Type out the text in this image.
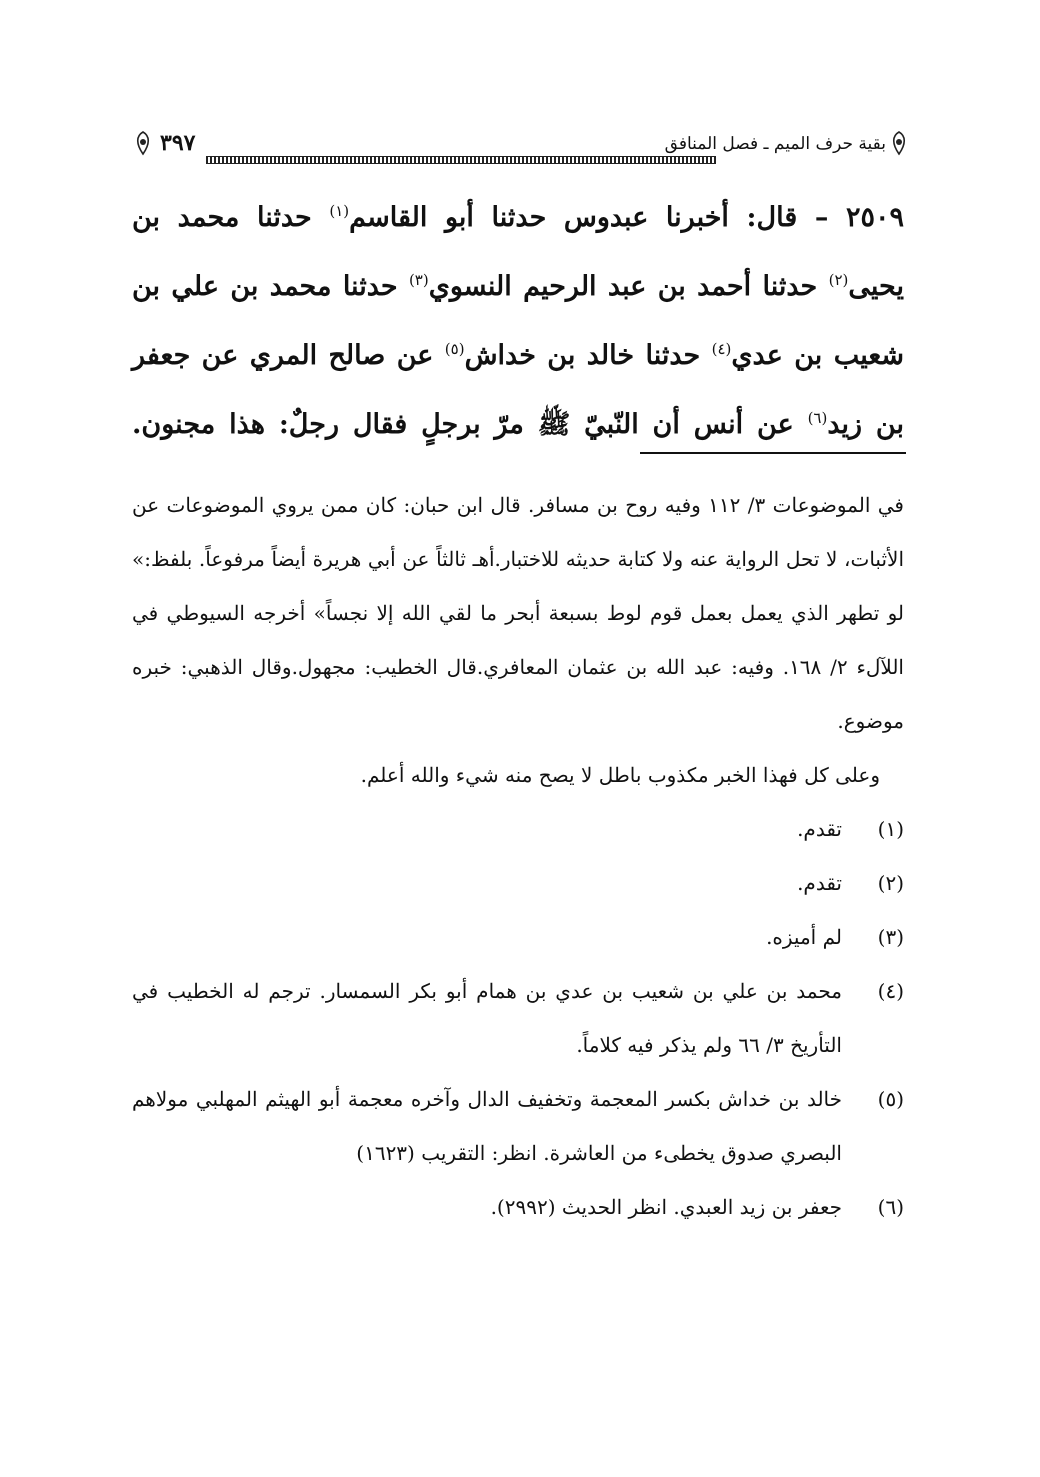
بقية حرف الميم ـ فصل المنافق
٣٩٧
٢٥٠٩ – قال: أخبرنا عبدوس حدثنا أبو القاسم$^{(١)}$ حدثنا محمد بن يحيى$^{(٢)}$ حدثنا أحمد بن عبد الرحيم النسوي$^{(٣)}$ حدثنا محمد بن علي بن شعيب بن عدي$^{(٤)}$ حدثنا خالد بن خداش$^{(٥)}$ عن صالح المري عن جعفر بن زيد$^{(٦)}$ عن أنس أن النّبيّ ﷺ مرّ برجلٍ فقال رجلٌ: هذا مجنون.

في الموضوعات ٣/ ١١٢ وفيه روح بن مسافر. قال ابن حبان: كان ممن يروي الموضوعات عن الأثبات، لا تحل الرواية عنه ولا كتابة حديثه للاختبار.أهـ ثالثاً عن أبي هريرة أيضاً مرفوعاً. بلفظ:» لو تطهر الذي يعمل بعمل قوم لوط بسبعة أبحر ما لقي الله إلا نجساً» أخرجه السيوطي في اللآلء ٢/ ١٦٨. وفيه: عبد الله بن عثمان المعافري.قال الخطيب: مجهول.وقال الذهبي: خبره موضوع.

وعلى كل فهذا الخبر مكذوب باطل لا يصح منه شيء والله أعلم.

(١)
تقدم.
(٢)
تقدم.
(٣)
لم أميزه.
(٤)
محمد بن علي بن شعيب بن عدي بن همام أبو بكر السمسار. ترجم له الخطيب في التأريخ ٣/ ٦٦ ولم يذكر فيه كلاماً.
(٥)
خالد بن خداش بكسر المعجمة وتخفيف الدال وآخره معجمة أبو الهيثم المهلبي مولاهم البصري صدوق يخطىء من العاشرة. انظر: التقريب (١٦٢٣)
(٦)
جعفر بن زيد العبدي. انظر الحديث (٢٩٩٢).
